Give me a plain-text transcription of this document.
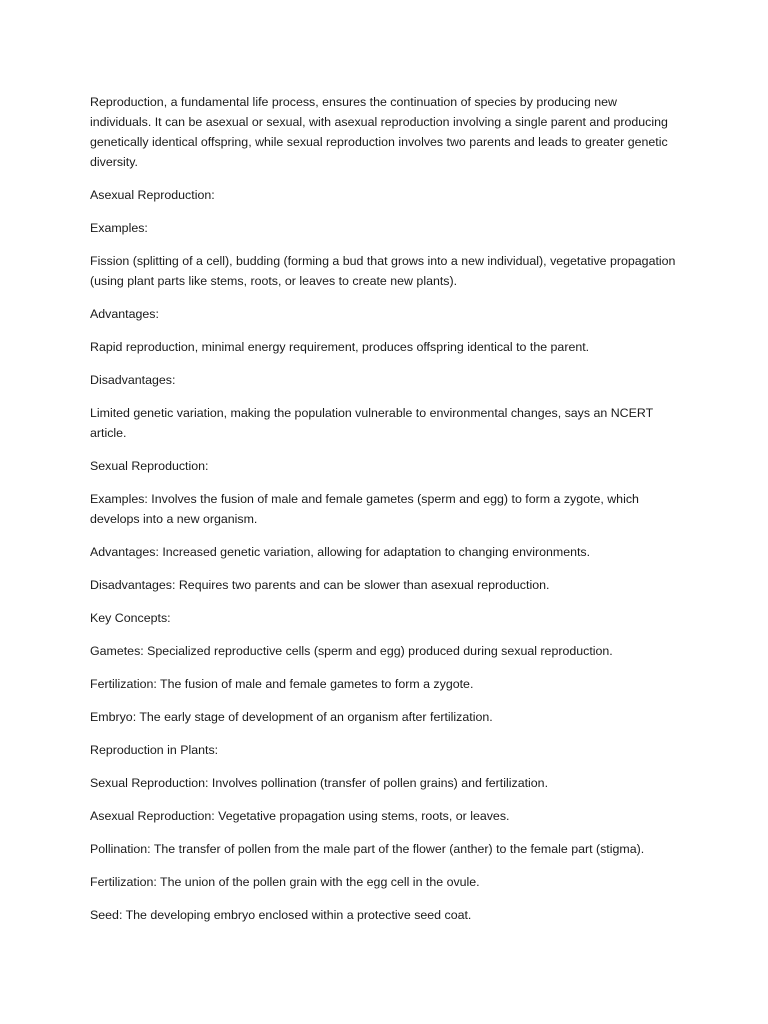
Reproduction, a fundamental life process, ensures the continuation of species by producing new individuals. It can be asexual or sexual, with asexual reproduction involving a single parent and producing genetically identical offspring, while sexual reproduction involves two parents and leads to greater genetic diversity.

Asexual Reproduction:

Examples:

Fission (splitting of a cell), budding (forming a bud that grows into a new individual), vegetative propagation (using plant parts like stems, roots, or leaves to create new plants).

Advantages:

Rapid reproduction, minimal energy requirement, produces offspring identical to the parent.

Disadvantages:

Limited genetic variation, making the population vulnerable to environmental changes, says an NCERT article.

Sexual Reproduction:

Examples: Involves the fusion of male and female gametes (sperm and egg) to form a zygote, which develops into a new organism.

Advantages: Increased genetic variation, allowing for adaptation to changing environments.

Disadvantages: Requires two parents and can be slower than asexual reproduction.

Key Concepts:

Gametes: Specialized reproductive cells (sperm and egg) produced during sexual reproduction.

Fertilization: The fusion of male and female gametes to form a zygote.

Embryo: The early stage of development of an organism after fertilization.

Reproduction in Plants:

Sexual Reproduction: Involves pollination (transfer of pollen grains) and fertilization.

Asexual Reproduction: Vegetative propagation using stems, roots, or leaves.

Pollination: The transfer of pollen from the male part of the flower (anther) to the female part (stigma).

Fertilization: The union of the pollen grain with the egg cell in the ovule.

Seed: The developing embryo enclosed within a protective seed coat.
